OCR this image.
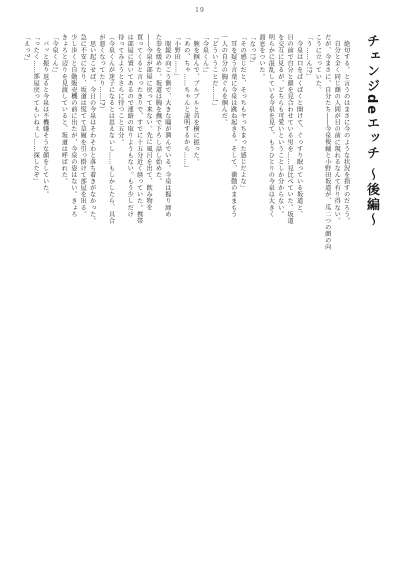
19

チェンジdeエッチ 〜後編〜

　絶句する。と言うのはまさに今のような状況を指すのだろう。

　自分と全く同じ顔の人間が目の前に現れるなんて有り得ない。

だが、今まさに、自分たち――今泉俊輔と小野田坂道が、瓜二つの顔の向

こうに立っていた。

「う……ん!?」

　今泉は口をぱくぱくと開けて、ぐっすり眠っている坂道と、

目の前で自分と顔を見合わせている男を……見比べていた。坂道

を交互に見るが、どちらも可愛いということしか分からない。

明らかに混乱している今泉を見て、もうひとりの今泉は大きく

溜息をついた。

「なっ!?」

「その感じだと、そっちもヤっちまった感じだよな」

　耳を疑う言葉に今泉は跳ね起きる。そして、衝動のままもう

一人の自分の胸ぐらを掴んだ。

「どういうことだ……!」

「今泉くん!」

　腕を掴んで、ブルブルと首を横に振った。

「あの、ちゃ……ちゃんと説明するから……」

「小野田……」

　眼鏡の向こう側で、大きな瞳が潤んでいる。今泉は握り締め

た拳を緩めた。坂道は胸を撫で下ろし話し始めた。

――今泉が部屋に戻って来ない。先に風呂を出て、飲み物を

買ってくると言ったきりで、すでに十五分近く経っていた。携帯

は部屋に置いてあるので連絡の取りようもない。もう少しだけ

待ってみようとさらに待つこと五分。

（今泉くんが迷子になるとは思えないし……もしかしたら、具合

が悪くなってたり……!?）

　思い起こせば、今日の今泉はそわそわと落ち着きがなかった。

急に不安になり、坂道は慌てて草履を引っ掛けて部屋を出る。

少し歩くと自動販売機の前に出たが、今泉の姿はない。きょろ

きょろと辺りを見渡していると、坂道は呼ばれた。

「今泉くん!」

　パッと振り返ると今泉は不機嫌そうな顔をしていた。

「ったく……部屋戻ってもいねぇし……探したぞ」

「えっ?」
